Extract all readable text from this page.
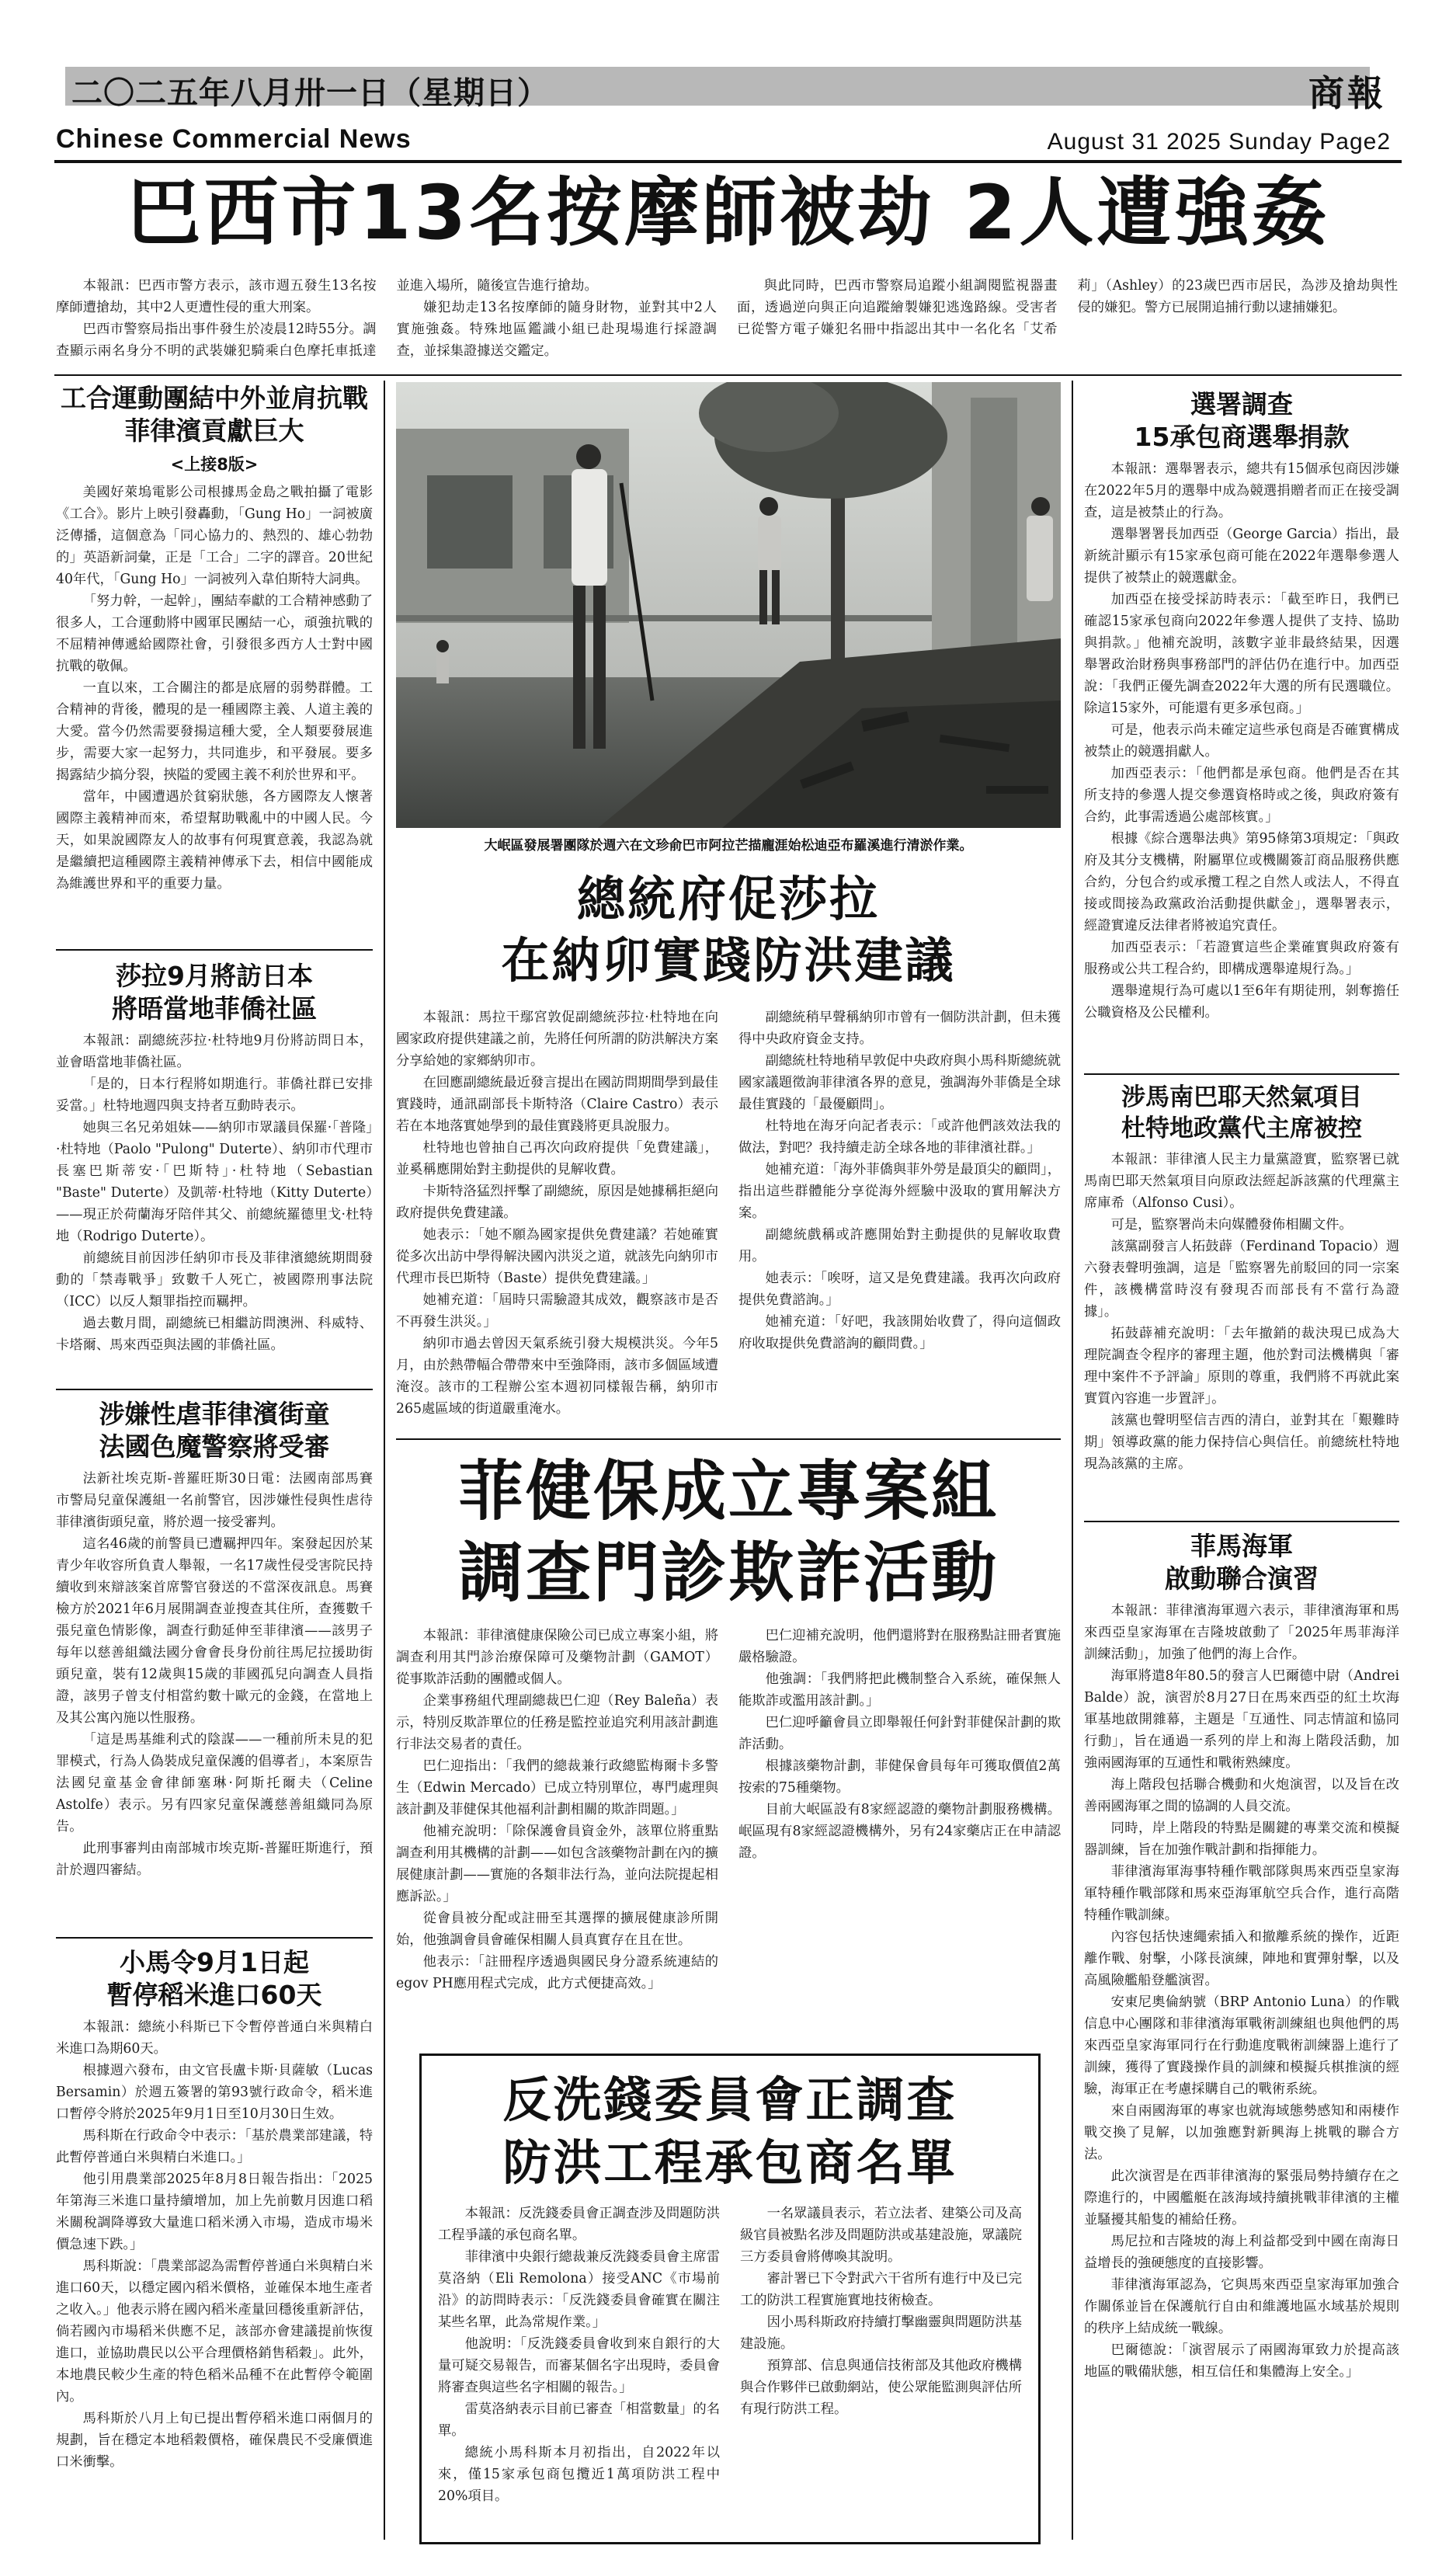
二〇二五年八月卅一日（星期日）	商報
Chinese Commercial News	August 31 2025 Sunday Page2
巴西市13名按摩師被劫 2人遭強姦

本報訊：巴西市警方表示，該市週五發生13名按摩師遭搶劫，其中2人更遭性侵的重大刑案。

巴西市警察局指出事件發生於凌晨12時55分。調查顯示兩名身分不明的武裝嫌犯騎乘白色摩托車抵達並進入場所，隨後宣告進行搶劫。

嫌犯劫走13名按摩師的隨身財物，並對其中2人實施強姦。特殊地區鑑識小組已赴現場進行採證調查，並採集證據送交鑑定。

與此同時，巴西市警察局追蹤小組調閱監視器畫面，透過逆向與正向追蹤繪製嫌犯逃逸路線。受害者已從警方電子嫌犯名冊中指認出其中一名化名「艾希莉」（Ashley）的23歲巴西市居民，為涉及搶劫與性侵的嫌犯。警方已展開追捕行動以逮捕嫌犯。

工合運動團結中外並肩抗戰
菲律濱貢獻巨大
<上接8版>

美國好萊塢電影公司根據馬金島之戰拍攝了電影《工合》。影片上映引發轟動，「Gung Ho」一詞被廣泛傳播，這個意為「同心協力的、熱烈的、雄心勃勃的」英語新詞彙，正是「工合」二字的譯音。20世紀40年代，「Gung Ho」一詞被列入韋伯斯特大詞典。

「努力幹，一起幹」，團結奉獻的工合精神感動了很多人，工合運動將中國軍民團結一心，頑強抗戰的不屈精神傳遞給國際社會，引發很多西方人士對中國抗戰的敬佩。

一直以來，工合關注的都是底層的弱勢群體。工合精神的背後，體現的是一種國際主義、人道主義的大愛。當今仍然需要發揚這種大愛，全人類要發展進步，需要大家一起努力，共同進步，和平發展。要多揭露結少搞分裂，挾隘的愛國主義不利於世界和平。

當年，中國遭遇於貧窮狀態，各方國際友人懷著國際主義精神而來，希望幫助戰亂中的中國人民。今天，如果說國際友人的故事有何現實意義，我認為就是繼續把這種國際主義精神傳承下去，相信中國能成為維護世界和平的重要力量。

莎拉9月將訪日本
將晤當地菲僑社區

本報訊：副總統莎拉·杜特地9月份將訪問日本，並會晤當地菲僑社區。

「是的，日本行程將如期進行。菲僑社群已安排妥當。」杜特地週四與支持者互動時表示。

她與三名兄弟姐妹——納卯市眾議員保羅·「普隆」·杜特地（Paolo "Pulong" Duterte）、納卯市代理市長塞巴斯蒂安·「巴斯特」·杜特地（Sebastian "Baste" Duterte）及凱蒂·杜特地（Kitty Duterte）——現正於荷蘭海牙陪伴其父、前總統羅德里戈·杜特地（Rodrigo Duterte）。

前總統目前因涉任納卯市長及菲律濱總統期間發動的「禁毒戰爭」致數千人死亡，被國際刑事法院（ICC）以反人類罪指控而羈押。

過去數月間，副總統已相繼訪問澳洲、科威特、卡塔爾、馬來西亞與法國的菲僑社區。

涉嫌性虐菲律濱街童
法國色魔警察將受審

法新社埃克斯-普羅旺斯30日電：法國南部馬賽市警局兒童保護組一名前警官，因涉嫌性侵與性虐待菲律濱街頭兒童，將於週一接受審判。

這名46歲的前警員已遭羈押四年。案發起因於某青少年收容所負責人舉報，一名17歲性侵受害院民持續收到來辯該案首席警官發送的不當深夜訊息。馬賽檢方於2021年6月展開調查並搜查其住所，查獲數千張兒童色情影像，調查行動延伸至菲律濱——該男子每年以慈善組織法國分會會長身份前往馬尼拉援助街頭兒童，裝有12歲與15歲的菲國孤兒向調查人員指證，該男子曾支付相當約數十歐元的金錢，在當地上及其公寓內施以性服務。

「這是馬基維利式的陰謀——一種前所未見的犯罪模式，行為人偽裝成兒童保護的倡導者」，本案原告法國兒童基金會律師塞琳·阿斯托爾夫（Celine Astolfe）表示。另有四家兒童保護慈善組織同為原告。

此刑事審判由南部城市埃克斯-普羅旺斯進行，預計於週四審結。

小馬令9月1日起
暫停稻米進口60天

本報訊：總統小科斯已下令暫停普通白米與精白米進口為期60天。

根據週六發布，由文官長盧卡斯·貝薩敏（Lucas Bersamin）於週五簽署的第93號行政命令，稻米進口暫停令將於2025年9月1日至10月30日生效。

馬科斯在行政命令中表示：「基於農業部建議，特此暫停普通白米與精白米進口。」

他引用農業部2025年8月8日報告指出：「2025年第海三米進口量持續增加，加上先前數月因進口稻米關稅調降導致大量進口稻米湧入市場，造成市場米價急速下跌。」

馬科斯說：「農業部認為需暫停普通白米與精白米進口60天，以穩定國內稻米價格，並確保本地生產者之收入。」他表示將在國內稻米產量回穩後重新評估，倘若國內市場稻米供應不足，該部亦會建議提前恢復進口，並協助農民以公平合理價格銷售稻穀」。此外，本地農民較少生產的特色稻米品種不在此暫停令範圍內。

馬科斯於八月上旬已提出暫停稻米進口兩個月的規劃，旨在穩定本地稻穀價格，確保農民不受廉價進口米衝擊。

大岷區發展署團隊於週六在文珍俞巴市阿拉芒描龐涯始松迪亞布羅溪進行清淤作業。
總統府促莎拉
在納卯實踐防洪建議

本報訊：馬拉干鄢宮敦促副總統莎拉·杜特地在向國家政府提供建議之前，先將任何所謂的防洪解決方案分享給她的家鄉納卯市。

在回應副總統最近發言提出在國訪問期間學到最佳實踐時，通訊副部長卡斯特洛（Claire Castro）表示若在本地落實她學到的最佳實踐將更具說服力。

杜特地也曾抽自己再次向政府提供「免費建議」，並奚稱應開始對主動提供的見解收費。

卡斯特洛猛烈抨擊了副總統，原因是她據稱拒絕向政府提供免費建議。

她表示：「她不願為國家提供免費建議？若她確實從多次出訪中學得解決國內洪災之道，就該先向納卯市代理市長巴斯特（Baste）提供免費建議。」

她補充道：「屆時只需驗證其成效，觀察該市是否不再發生洪災。」

納卯市過去曾因天氣系統引發大規模洪災。今年5月，由於熱帶幅合帶帶來中至強降雨，該市多個區域遭淹沒。該市的工程辦公室本週初同樣報告稱，納卯市265處區域的街道嚴重淹水。

副總統稍早聲稱納卯市曾有一個防洪計劃，但未獲得中央政府資金支持。

副總統杜特地稍早敦促中央政府與小馬科斯總統就國家議題徵詢菲律濱各界的意見，強調海外菲僑是全球最佳實踐的「最優顧問」。

杜特地在海牙向記者表示：「或許他們該效法我的做法，對吧？我持續走訪全球各地的菲律濱社群。」

她補充道：「海外菲僑與菲外勞是最頂尖的顧問」，指出這些群體能分享從海外經驗中汲取的實用解決方案。

副總統戲稱或許應開始對主動提供的見解收取費用。

她表示：「唉呀，這又是免費建議。我再次向政府提供免費諮詢。」

她補充道：「好吧，我該開始收費了，得向這個政府收取提供免費諮詢的顧問費。」

菲健保成立專案組
調查門診欺詐活動

本報訊：菲律濱健康保險公司已成立專案小組，將調查利用其門診治療保障可及藥物計劃（GAMOT）從事欺詐活動的團體或個人。

企業事務組代理副總裁巴仁迎（Rey Baleña）表示，特別反欺詐單位的任務是監控並追究利用該計劃進行非法交易者的責任。

巴仁迎指出：「我們的總裁兼行政總監梅爾卡多警生（Edwin Mercado）已成立特別單位，專門處理與該計劃及菲健保其他福利計劃相關的欺詐問題。」

他補充說明：「除保護會員資金外，該單位將重點調查利用其機構的計劃——如包含該藥物計劃在內的擴展健康計劃——實施的各類非法行為，並向法院提起相應訴訟。」

從會員被分配或註冊至其選擇的擴展健康診所開始，他強調會員會確保相關人員真實存在且在世。

他表示：「註冊程序透過與國民身分證系統連結的egov PH應用程式完成，此方式便捷高效。」

巴仁迎補充說明，他們還將對在服務點註冊者實施嚴格驗證。

他強調：「我們將把此機制整合入系統，確保無人能欺詐或濫用該計劃。」

巴仁迎呼籲會員立即舉報任何針對菲健保計劃的欺詐活動。

根據該藥物計劃，菲健保會員每年可獲取價值2萬按索的75種藥物。

目前大岷區設有8家經認證的藥物計劃服務機構。岷區現有8家經認證機構外，另有24家藥店正在申請認證。

反洗錢委員會正調查
防洪工程承包商名單

本報訊：反洗錢委員會正調查涉及問題防洪工程爭議的承包商名單。

菲律濱中央銀行總裁兼反洗錢委員會主席雷莫洛納（Eli Remolona）接受ANC《市場前沿》的訪問時表示：「反洗錢委員會確實在關注某些名單，此為常規作業。」

他說明：「反洗錢委員會收到來自銀行的大量可疑交易報告，而審某個名字出現時，委員會將審查與這些名字相關的報告。」

雷莫洛納表示目前已審查「相當數量」的名單。

總統小馬科斯本月初指出，自2022年以來，僅15家承包商包攬近1萬項防洪工程中20%項目。

一名眾議員表示，若立法者、建築公司及高級官員被點名涉及問題防洪或基建設施，眾議院三方委員會將傳喚其說明。

審計署已下令對武六干省所有進行中及已完工的防洪工程實施實地技術檢查。

因小馬科斯政府持續打擊幽靈與問題防洪基建設施。

預算部、信息與通信技術部及其他政府機構與合作夥伴已啟動網站，使公眾能監測與評估所有現行防洪工程。

選署調查
15承包商選舉捐款

本報訊：選舉署表示，總共有15個承包商因涉嫌在2022年5月的選舉中成為競選捐贈者而正在接受調查，這是被禁止的行為。

選舉署署長加西亞（George Garcia）指出，最新統計顯示有15家承包商可能在2022年選舉參選人提供了被禁止的競選獻金。

加西亞在接受採訪時表示：「截至昨日，我們已確認15家承包商向2022年參選人提供了支持、協助與捐款。」他補充說明，該數字並非最終結果，因選舉署政治財務與事務部門的評估仍在進行中。加西亞說：「我們正優先調查2022年大選的所有民選職位。除這15家外，可能還有更多承包商。」

可是，他表示尚未確定這些承包商是否確實構成被禁止的競選捐獻人。

加西亞表示：「他們都是承包商。他們是否在其所支持的參選人提交參選資格時或之後，與政府簽有合約，此事需透過公處部核實。」

根據《綜合選舉法典》第95條第3項規定：「與政府及其分支機構，附屬單位或機關簽訂商品服務供應合約，分包合約或承攬工程之自然人或法人，不得直接或間接為政黨政治活動提供獻金」，選舉署表示，經證實違反法律者將被追究責任。

加西亞表示：「若證實這些企業確實與政府簽有服務或公共工程合約，即構成選舉違規行為。」

選舉違規行為可處以1至6年有期徒刑，剝奪擔任公職資格及公民權利。

涉馬南巴耶天然氣項目
杜特地政黨代主席被控

本報訊：菲律濱人民主力量黨證實，監察署已就馬南巴耶天然氣項目向原政法經起訴該黨的代理黨主席庫希（Alfonso Cusi）。

可是，監察署尚未向媒體發佈相關文件。

該黨副發言人拓鼓薜（Ferdinand Topacio）週六發表聲明強調，這是「監察署先前駁回的同一宗案件，該機構當時沒有發現否而部長有不當行為證據」。

拓鼓薜補充說明：「去年撤銷的裁決現已成為大理院調查令程序的審理主題，他於對司法機構與「審理中案件不予評論」原則的尊重，我們將不再就此案實質內容進一步置評」。

該黨也聲明堅信吉西的清白，並對其在「艱難時期」領導政黨的能力保持信心與信任。前總統杜特地現為該黨的主席。

菲馬海軍
啟動聯合演習

本報訊：菲律濱海軍週六表示，菲律濱海軍和馬來西亞皇家海軍在吉隆坡啟動了「2025年馬菲海洋訓練活動」，加強了他們的海上合作。

海軍將遣8年80.5的發言人巴爾德中尉（Andrei Balde）說，演習於8月27日在馬來西亞的紅土坎海軍基地啟開雜幕，主題是「互通性、同志情誼和協同行動」，旨在通過一系列的岸上和海上階段活動，加強兩國海軍的互通性和戰術熟練度。

海上階段包括聯合機動和火炮演習，以及旨在改善兩國海軍之間的協調的人員交流。

同時，岸上階段的特點是關鍵的專業交流和模擬器訓練，旨在加強作戰計劃和指揮能力。

菲律濱海軍海事特種作戰部隊與馬來西亞皇家海軍特種作戰部隊和馬來亞海軍航空兵合作，進行高階特種作戰訓練。

內容包括快速繩索插入和撤離系統的操作，近距離作戰、射擊，小隊長演練，陣地和實彈射擊，以及高風險艦船登艦演習。

安東尼奧倫納號（BRP Antonio Luna）的作戰信息中心團隊和菲律濱海軍戰術訓練組也與他們的馬來西亞皇家海軍同行在行動進度戰術訓練器上進行了訓練，獲得了實踐操作員的訓練和模擬兵棋推演的經驗，海軍正在考慮採購自己的戰術系統。

來自兩國海軍的專家也就海域態勢感知和兩棲作戰交換了見解，以加強應對新興海上挑戰的聯合方法。

此次演習是在西菲律濱海的緊張局勢持續存在之際進行的，中國艦艇在該海域持續挑戰菲律濱的主權並騷擾其船隻的補給任務。

馬尼拉和吉隆坡的海上利益都受到中國在南海日益增長的強硬態度的直接影響。

菲律濱海軍認為，它與馬來西亞皇家海軍加強合作關係並旨在保護航行自由和維護地區水域基於規則的秩序上結成統一戰線。

巴爾德說：「演習展示了兩國海軍致力於提高該地區的戰備狀態，相互信任和集體海上安全。」
